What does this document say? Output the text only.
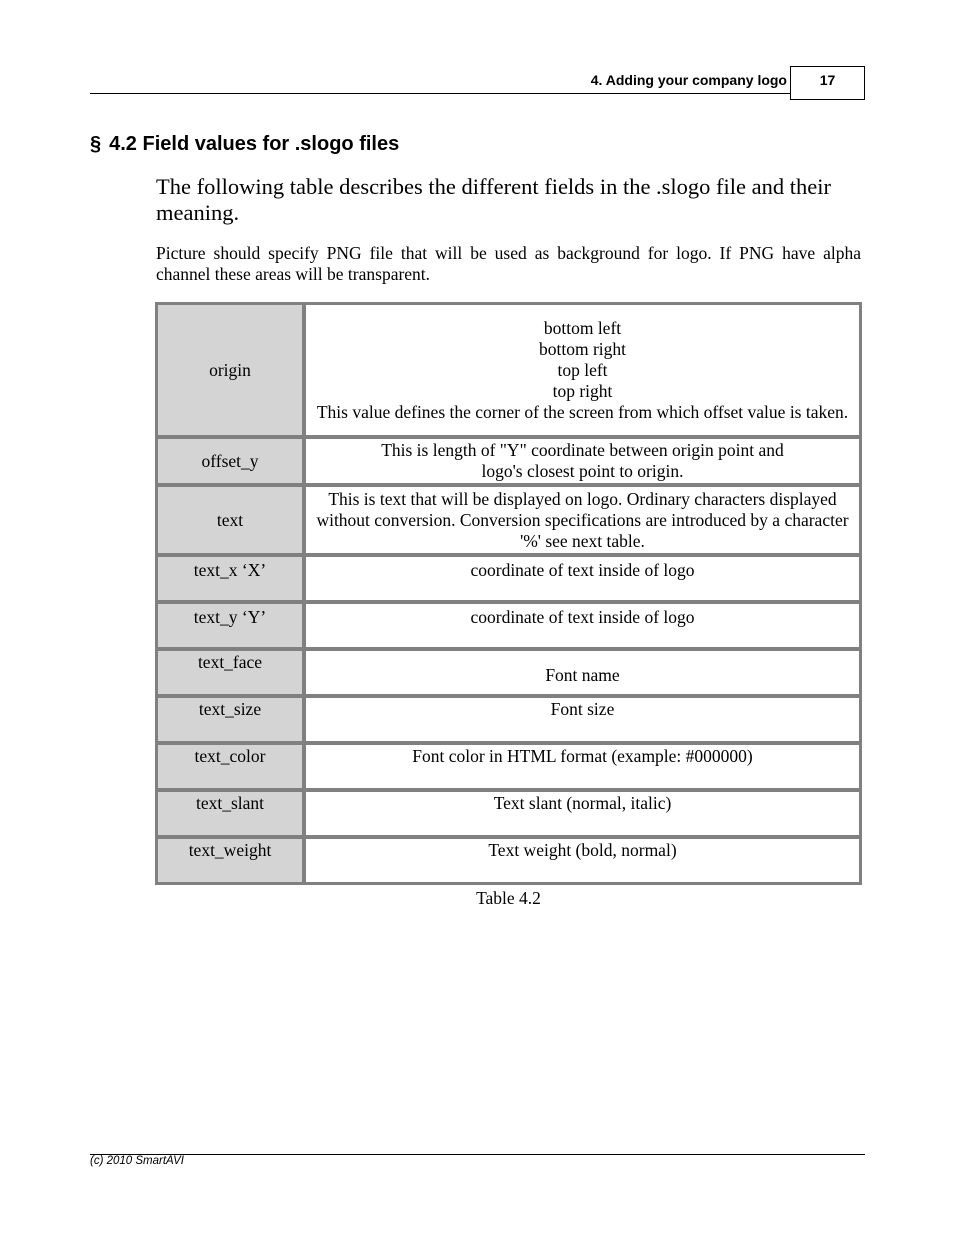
4. Adding your company logo	17
§ 4.2 Field values for .slogo files
The following table describes the different fields in the .slogo file and their meaning.
Picture should specify PNG file that will be used as background for logo. If PNG have alpha channel these areas will be transparent.
origin	bottom left
bottom right
top left
top right
This value defines the corner of the screen from which offset value is taken.

offset_y	This is length of "Y" coordinate between origin point and
logo's closest point to origin.

text	This is text that will be displayed on logo. Ordinary characters displayed without conversion. Conversion specifications are introduced by a character '%' see next table.

text_x ‘X’	coordinate of text inside of logo

text_y ‘Y’	coordinate of text inside of logo

text_face	Font name

text_size	Font size

text_color	Font color in HTML format (example: #000000)

text_slant	Text slant (normal, italic)

text_weight	Text weight (bold, normal)
Table 4.2
(c) 2010 SmartAVI
